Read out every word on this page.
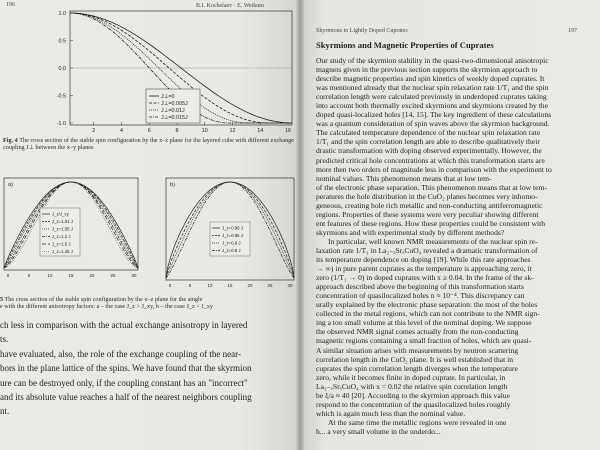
196	B.I. Kochelaev · E. Weikum
1.0
0.5
0.0
-0.5
-1.0
2	4	6	8	10	12	14	16
J⊥=0
J⊥=0.005J
J⊥=0.01J
J⊥=0.015J
Fig. 4 The cross section of the stable spin configuration by the x–z plane for the layered cube with different exchange coupling J⊥ between the x–y planes
a)	b)
0	5	10	15	20	25	30
0	5	10	15	20	25	30
J_z/J_xy
J_z=1.01 J
J_z=1.05 J
J_z=1.2 J
J_z=1.5 J
J_z=1.45 J
J_z=0.99 J
J_z=0.95 J
J_z=0.9 J
J_z=0.8 J
5 The cross section of the stable spin configuration by the x–z plane for the single
e with the different anisotropy factors: a – the case J_z > J_xy, b – the case J_z < J_xy
ch less in comparison with the actual exchange anisotropy in layered
ts.
have evaluated, also, the role of the exchange coupling of the near-
bors in the plane lattice of the spins. We have found that the skyrmion
ure can be destroyed only, if the coupling constant has an "incorrect"
and its absolute value reaches a half of the nearest neighbors coupling
nt.
Skyrmions in Lightly Doped Cuprates	197
Skyrmions and Magnetic Properties of Cuprates
Our study of the skyrmion stability in the quasi-two-dimensional anisotropic
magnets given in the previous section supports the skyrmion approach to
describe magnetic properties and spin kinetics of weekly doped cuprates. It
was mentioned already that the nuclear spin relaxation rate 1/T₁ and the spin
correlation length were calculated previously in underdoped cuprates taking
into account both thermally excited skyrmions and skyrmions created by the
doped quasi-localized holes [14, 15]. The key ingredient of these calculations
was a quantum consideration of spin waves above the skyrmion background.
The calculated temperature dependence of the nuclear spin relaxation rate
1/T₁ and the spin correlation length are able to describe qualitatively their
drastic transformation with doping observed experimentally. However, the
predicted critical hole concentrations at which this transformation starts are
more then two orders of magnitude less in comparison with the experiment to
nominal values. This phenomenon means that at low tem-
of the electronic phase separation. This phenomenon means that at low tem-
peratures the hole distribution in the CuO₂ planes becomes very inhomo-
geneous, creating hole rich metallic and non-conducting antiferromagnetic
regions. Properties of these systems were very peculiar showing different
ent features of these regions. How these properties could be consistent with
skyrmions and with experimental study by different methods?
In particular, well known NMR measurements of the nuclear spin re-
laxation rate 1/T₁ in La₂₋ₓSrₓCuO₄ revealed a dramatic transformation of
its temperature dependence on doping [19]. While this rate approaches
→ ∞) in pure parent cuprates as the temperature is approaching zero, it
zero (1/T₁ → 0) in doped cuprates with x ≥ 0.04. In the frame of the sk-
approach described above the beginning of this transformation starts
concentration of quasilocalized holes n ≈ 10⁻⁴. This discrepancy can
urally explained by the electronic phase separation: the most of the holes
collected in the metal regions, which can not contribute to the NMR sign-
ing a too small volume at this level of the nominal doping. We suppose
the observed NMR signal comes actually from the non-conducting
magnetic regions containing a small fraction of holes, which are quasi-
A similar situation arises with measurements by neutron scattering
correlation length in the CuO₂ plane. It is well established that in
cuprates the spin correlation length diverges when the temperature
zero, while it becomes finite in doped cuprate. In particular, in
La₂₋ₓSrₓCuO₄ with x = 0.02 the relative spin correlation length
be ξ/a ≈ 40 [20]. According to the skyrmion approach this value
respond to the concentration of the quasilocalized holes roughly
which is again much less than the nominal value.
At the same time the metallic regions were revealed in one
h... a very small volume in the underdo...
